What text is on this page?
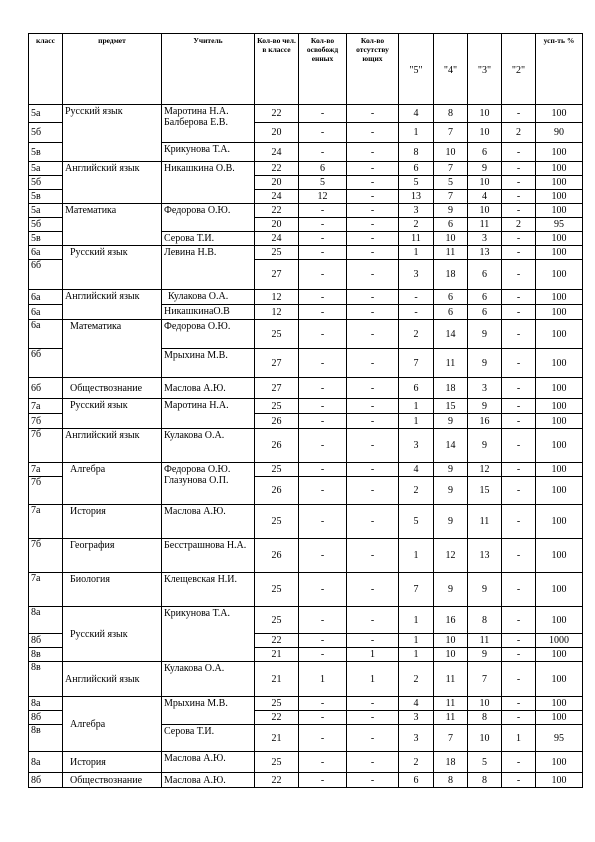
класс	предмет	Учитель	Кол-во чел. в классе	Кол-во освобожд енных	Кол-во отсутству ющих	"5"	"4"	"3"	"2"	усп-ть %
5а	Русский язык	Маротина Н.А. Балберова Е.В.	22	-	-	4	8	10	-	100
5б			20	-	-	1	7	10	2	90
5в		Крикунова Т.А.	24	-	-	8	10	6	-	100
5а	Английский язык	Никашкина О.В.	22	6	-	6	7	9	-	100
5б			20	5	-	5	5	10	-	100
5в			24	12	-	13	7	4	-	100
5а	Математика	Федорова О.Ю.	22	-	-	3	9	10	-	100
5б			20	-	-	2	6	11	2	95
5в		Серова Т.И.	24	-	-	11	10	3	-	100
6а	Русский язык	Левина Н.В.	25	-	-	1	11	13	-	100
6б			27	-	-	3	18	6	-	100
6а	Английский язык	Кулакова О.А.	12	-	-	-	6	6	-	100
6а		НикашкинаО.В	12	-	-	-	6	6	-	100
6а	Математика	Федорова О.Ю.	25	-	-	2	14	9	-	100
6б		Мрыхина М.В.	27	-	-	7	11	9	-	100
6б	Обществознание	Маслова А.Ю.	27	-	-	6	18	3	-	100
7а	Русский язык	Маротина Н.А.	25	-	-	1	15	9	-	100
7б			26	-	-	1	9	16	-	100
7б	Английский язык	Кулакова О.А.	26	-	-	3	14	9	-	100
7а	Алгебра	Федорова О.Ю. Глазунова О.П.	25	-	-	4	9	12	-	100
7б			26	-	-	2	9	15	-	100
7а	История	Маслова А.Ю.	25	-	-	5	9	11	-	100
7б	География	Бесстрашнова Н.А.	26	-	-	1	12	13	-	100
7а	Биология	Клещевская Н.И.	25	-	-	7	9	9	-	100
8а	Русский язык	Крикунова Т.А.	25	-	-	1	16	8	-	100
8б			22	-	-	1	10	11	-	1000
8в			21	-	1	1	10	9	-	100
8в	Английский язык	Кулакова О.А.	21	1	1	2	11	7	-	100
8а	Алгебра	Мрыхина М.В.	25	-	-	4	11	10	-	100
8б			22	-	-	3	11	8	-	100
8в		Серова Т.И.	21	-	-	3	7	10	1	95
8а	История	Маслова А.Ю.	25	-	-	2	18	5	-	100
8б	Обществознание	Маслова А.Ю.	22	-	-	6	8	8	-	100
